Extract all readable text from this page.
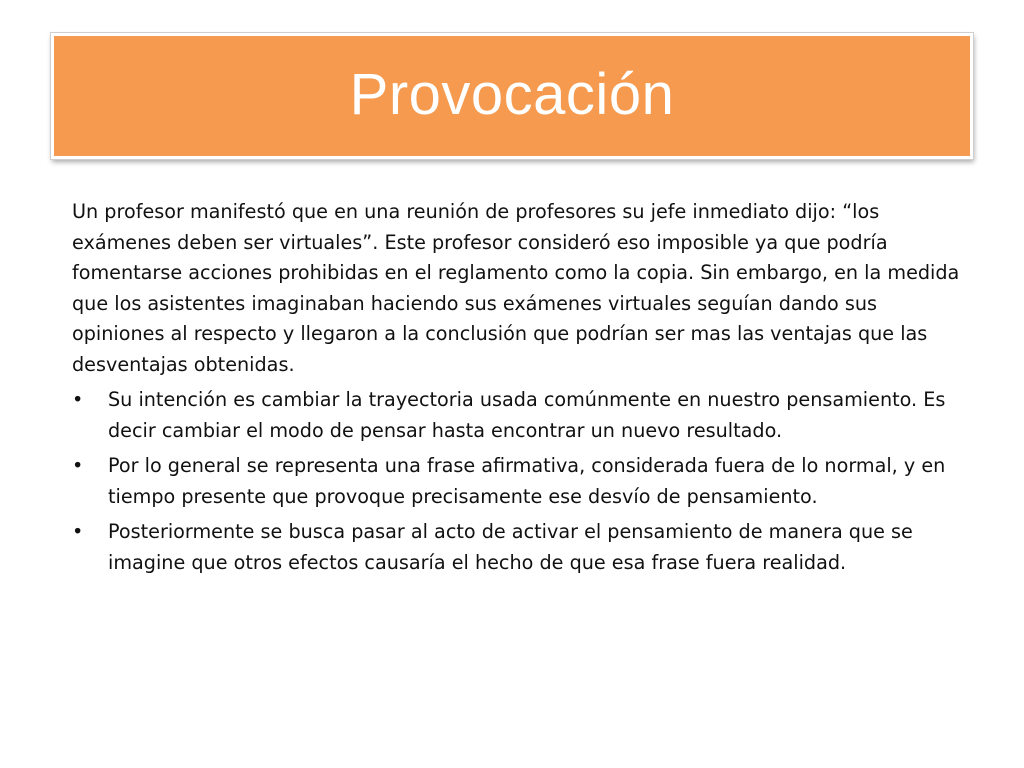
Provocación

Un profesor manifestó que en una reunión de profesores su jefe inmediato dijo: “los exámenes deben ser virtuales”. Este profesor consideró eso imposible ya que podría fomentarse acciones prohibidas en el reglamento como la copia. Sin embargo, en la medida que los asistentes imaginaban haciendo sus exámenes virtuales seguían dando sus opiniones al respecto y llegaron a la conclusión que podrían ser mas las ventajas que las desventajas obtenidas.

•	Su intención es cambiar la trayectoria usada comúnmente en nuestro pensamiento. Es decir cambiar el modo de pensar hasta encontrar un nuevo resultado.
•	Por lo general se representa una frase afirmativa, considerada fuera de lo normal, y en tiempo presente que provoque precisamente ese desvío de pensamiento.
•	Posteriormente se busca pasar al acto de activar el pensamiento de manera que se imagine que otros efectos causaría el hecho de que esa frase fuera realidad.
